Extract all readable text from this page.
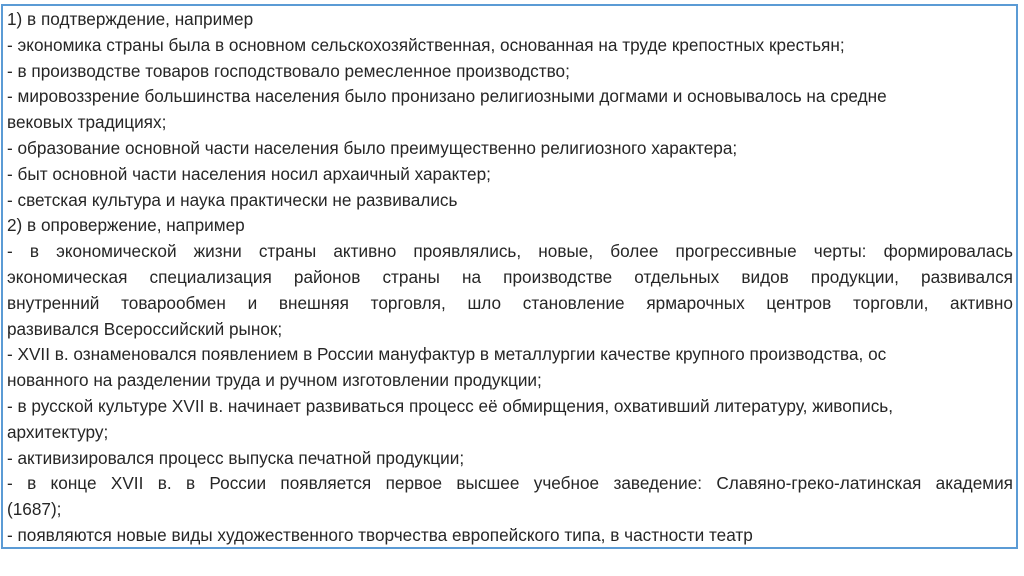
1) в подтверждение, например
- экономика страны была в основном сельскохозяйственная, основанная на труде крепостных крестьян;
- в производстве товаров господствовало ремесленное производство;
- мировоззрение большинства населения было пронизано религиозными догмами и основывалось на средне
вековых традициях;
- образование основной части населения было преимущественно религиозного характера;
- быт основной части населения носил архаичный характер;
- светская культура и наука практически не развивались
2) в опровержение, например
- в экономической жизни страны активно проявлялись, новые, более прогрессивные черты: формировалась
экономическая специализация районов страны на производстве отдельных видов продукции, развивался
внутренний товарообмен и внешняя торговля, шло становление ярмарочных центров торговли, активно
развивался Всероссийский рынок;
- XVII в. ознаменовался появлением в России мануфактур в металлургии качестве крупного производства, ос
нованного на разделении труда и ручном изготовлении продукции;
- в русской культуре XVII в. начинает развиваться процесс её обмирщения, охвативший литературу, живопись,
архитектуру;
- активизировался процесс выпуска печатной продукции;
- в конце XVII в. в России появляется первое высшее учебное заведение: Славяно-греко-латинская академия
(1687);
- появляются новые виды художественного творчества европейского типа, в частности театр
